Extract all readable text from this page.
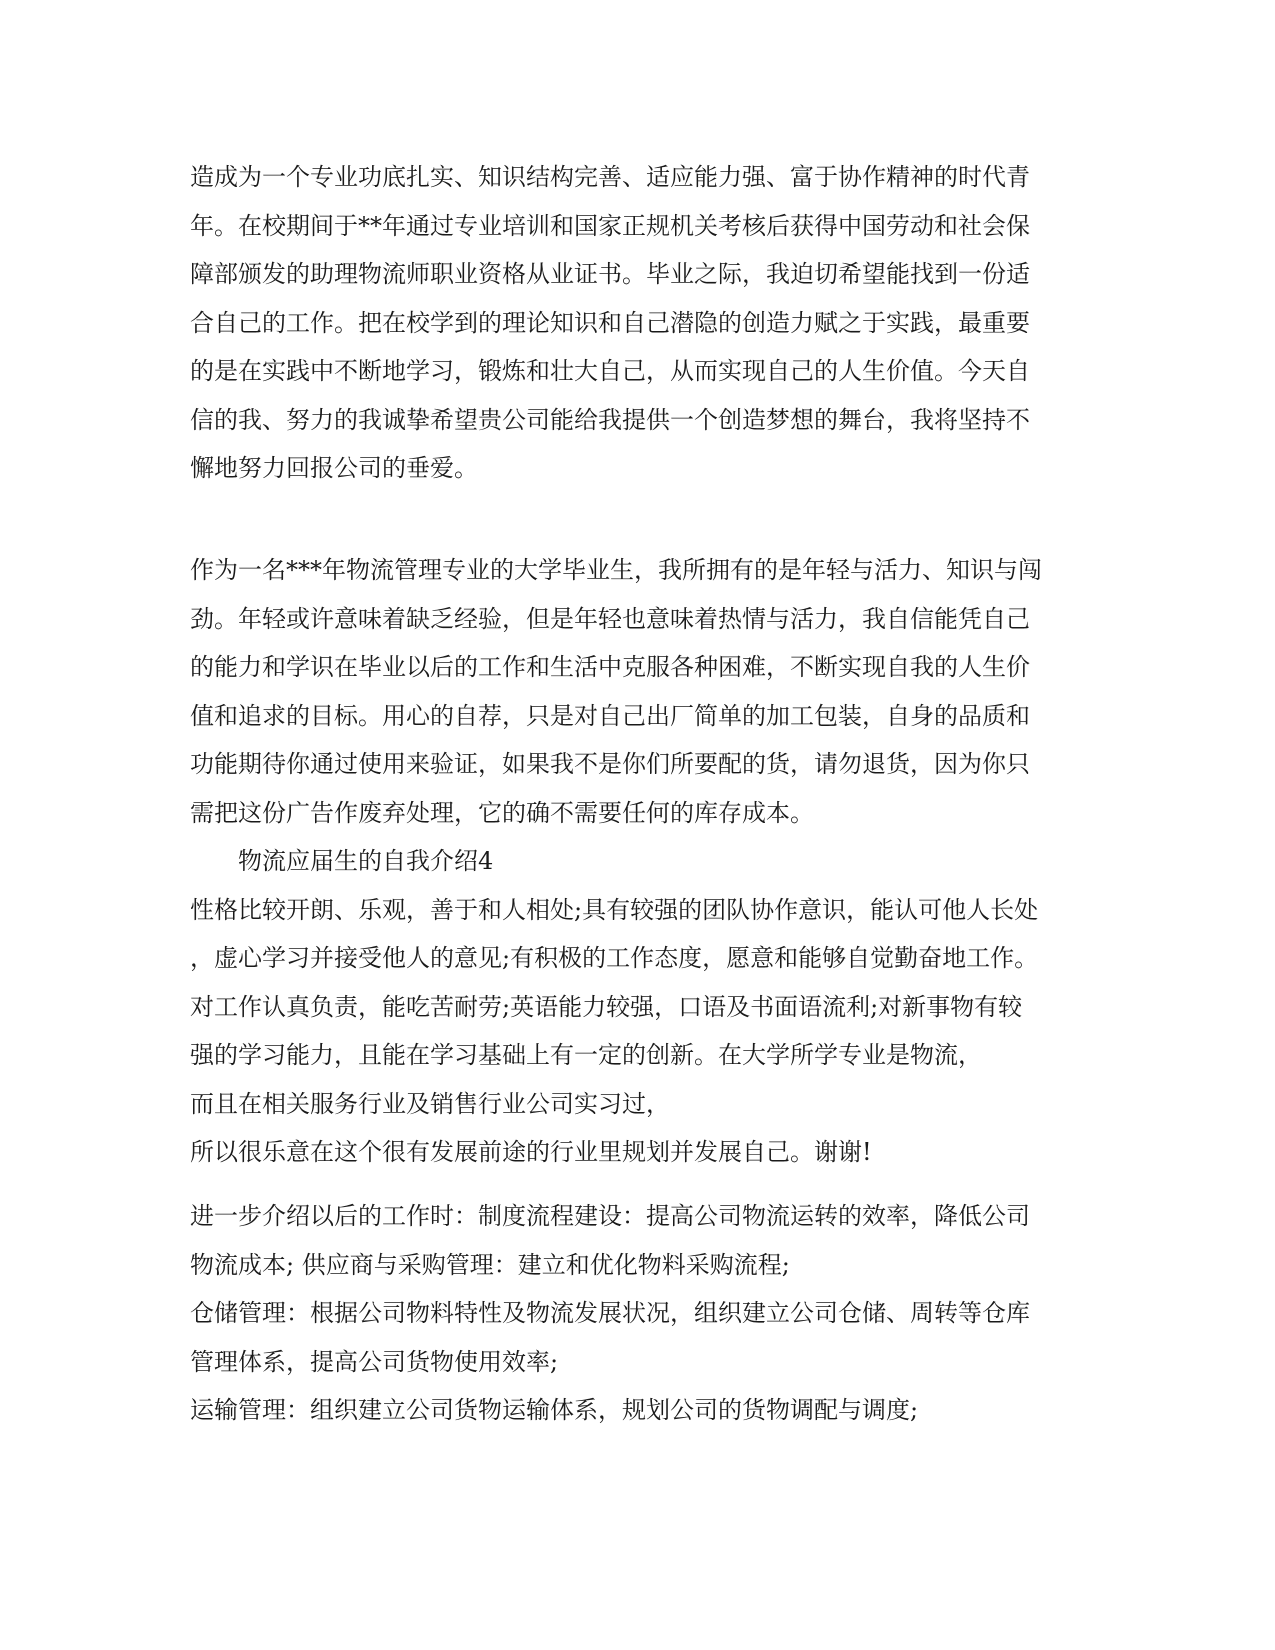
造成为一个专业功底扎实、知识结构完善、适应能力强、富于协作精神的时代青
年。在校期间于**年通过专业培训和国家正规机关考核后获得中国劳动和社会保
障部颁发的助理物流师职业资格从业证书。毕业之际，我迫切希望能找到一份适
合自己的工作。把在校学到的理论知识和自己潜隐的创造力赋之于实践，最重要
的是在实践中不断地学习，锻炼和壮大自己，从而实现自己的人生价值。今天自
信的我、努力的我诚挚希望贵公司能给我提供一个创造梦想的舞台，我将坚持不
懈地努力回报公司的垂爱。
作为一名***年物流管理专业的大学毕业生，我所拥有的是年轻与活力、知识与闯
劲。年轻或许意味着缺乏经验，但是年轻也意味着热情与活力，我自信能凭自己
的能力和学识在毕业以后的工作和生活中克服各种困难，不断实现自我的人生价
值和追求的目标。用心的自荐，只是对自己出厂简单的加工包装，自身的品质和
功能期待你通过使用来验证，如果我不是你们所要配的货，请勿退货，因为你只
需把这份广告作废弃处理，它的确不需要任何的库存成本。
物流应届生的自我介绍4
性格比较开朗、乐观，善于和人相处;具有较强的团队协作意识，能认可他人长处
，虚心学习并接受他人的意见;有积极的工作态度，愿意和能够自觉勤奋地工作。
对工作认真负责，能吃苦耐劳;英语能力较强，口语及书面语流利;对新事物有较
强的学习能力，且能在学习基础上有一定的创新。在大学所学专业是物流，
而且在相关服务行业及销售行业公司实习过，
所以很乐意在这个很有发展前途的行业里规划并发展自己。谢谢!
进一步介绍以后的工作时：制度流程建设：提高公司物流运转的效率，降低公司
物流成本; 供应商与采购管理：建立和优化物料采购流程;
仓储管理：根据公司物料特性及物流发展状况，组织建立公司仓储、周转等仓库
管理体系，提高公司货物使用效率;
运输管理：组织建立公司货物运输体系，规划公司的货物调配与调度;
